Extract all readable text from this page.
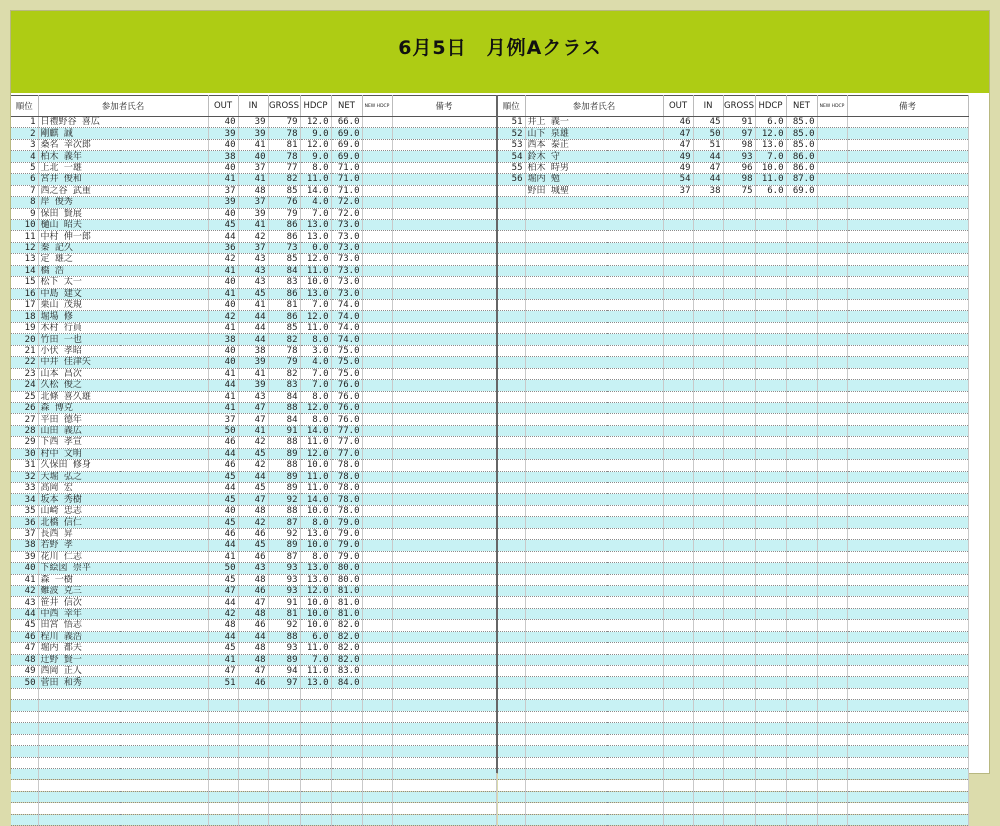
6月5日　月例Aクラス
順位	参加者氏名	OUT	IN	GROSS	HDCP	NET	NEW HDCP	備考
1	日禮野谷 喜広	40	39	79	12.0	66.0		
2	剛麒 誠	39	39	78	9.0	69.0		
3	桑名 幸次郎	40	41	81	12.0	69.0		
4	柏木 義年	38	40	78	9.0	69.0		
5	上北 一雄	40	37	77	8.0	71.0		
6	宮井 俊和	41	41	82	11.0	71.0		
7	西之谷 武重	37	48	85	14.0	71.0		
8	岸 俊秀	39	37	76	4.0	72.0		
9	保田 賢展	40	39	79	7.0	72.0		
10	樋山 昭夫	45	41	86	13.0	73.0		
11	中村 伸一郎	44	42	86	13.0	73.0		
12	秦 記久	36	37	73	0.0	73.0		
13	定 雄之	42	43	85	12.0	73.0		
14	橋 浩	41	43	84	11.0	73.0		
15	松下 太一	40	43	83	10.0	73.0		
16	中島 建文	41	45	86	13.0	73.0		
17	栗山 茂規	40	41	81	7.0	74.0		
18	堀場 修	42	44	86	12.0	74.0		
19	木村 行員	41	44	85	11.0	74.0		
20	竹田 一也	38	44	82	8.0	74.0		
21	小伏 孝昭	40	38	78	3.0	75.0		
22	中井 佳津矢	40	39	79	4.0	75.0		
23	山本 昌次	41	41	82	7.0	75.0		
24	久松 俊之	44	39	83	7.0	76.0		
25	北條 喜久雄	41	43	84	8.0	76.0		
26	森 博克	41	47	88	12.0	76.0		
27	平田 德年	37	47	84	8.0	76.0		
28	山田 義広	50	41	91	14.0	77.0		
29	下西 孝宣	46	42	88	11.0	77.0		
30	村中 文明	44	45	89	12.0	77.0		
31	久保田 修身	46	42	88	10.0	78.0		
32	大堀 弘之	45	44	89	11.0	78.0		
33	高岡 宏	44	45	89	11.0	78.0		
34	坂本 秀樹	45	47	92	14.0	78.0		
35	山崎 忠志	40	48	88	10.0	78.0		
36	北橋 信仁	45	42	87	8.0	79.0		
37	長西 昇	46	46	92	13.0	79.0		
38	若野 孝	44	45	89	10.0	79.0		
39	花川 仁志	41	46	87	8.0	79.0		
40	下絵図 崇平	50	43	93	13.0	80.0		
41	森 一樹	45	48	93	13.0	80.0		
42	難波 克三	47	46	93	12.0	81.0		
43	笹井 信次	44	47	91	10.0	81.0		
44	中西 幸年	42	48	81	10.0	81.0		
45	田宮 悟志	48	46	92	10.0	82.0		
46	程川 義浩	44	44	88	6.0	82.0		
47	堀内 都夫	45	48	93	11.0	82.0		
48	辻野 賢一	41	48	89	7.0	82.0		
49	西岡 正人	47	47	94	11.0	83.0		
50	菅田 和秀	51	46	97	13.0	84.0		

順位	参加者氏名	OUT	IN	GROSS	HDCP	NET	NEW HDCP	備考
51	井上 義一	46	45	91	6.0	85.0		
52	山下 泉雄	47	50	97	12.0	85.0		
53	西本 泰正	47	51	98	13.0	85.0		
54	鈴木 守	49	44	93	7.0	86.0		
55	柏木 時男	49	47	96	10.0	86.0		
56	堀内 勉	54	44	98	11.0	87.0		
	野田 城聖	37	38	75	6.0	69.0		
